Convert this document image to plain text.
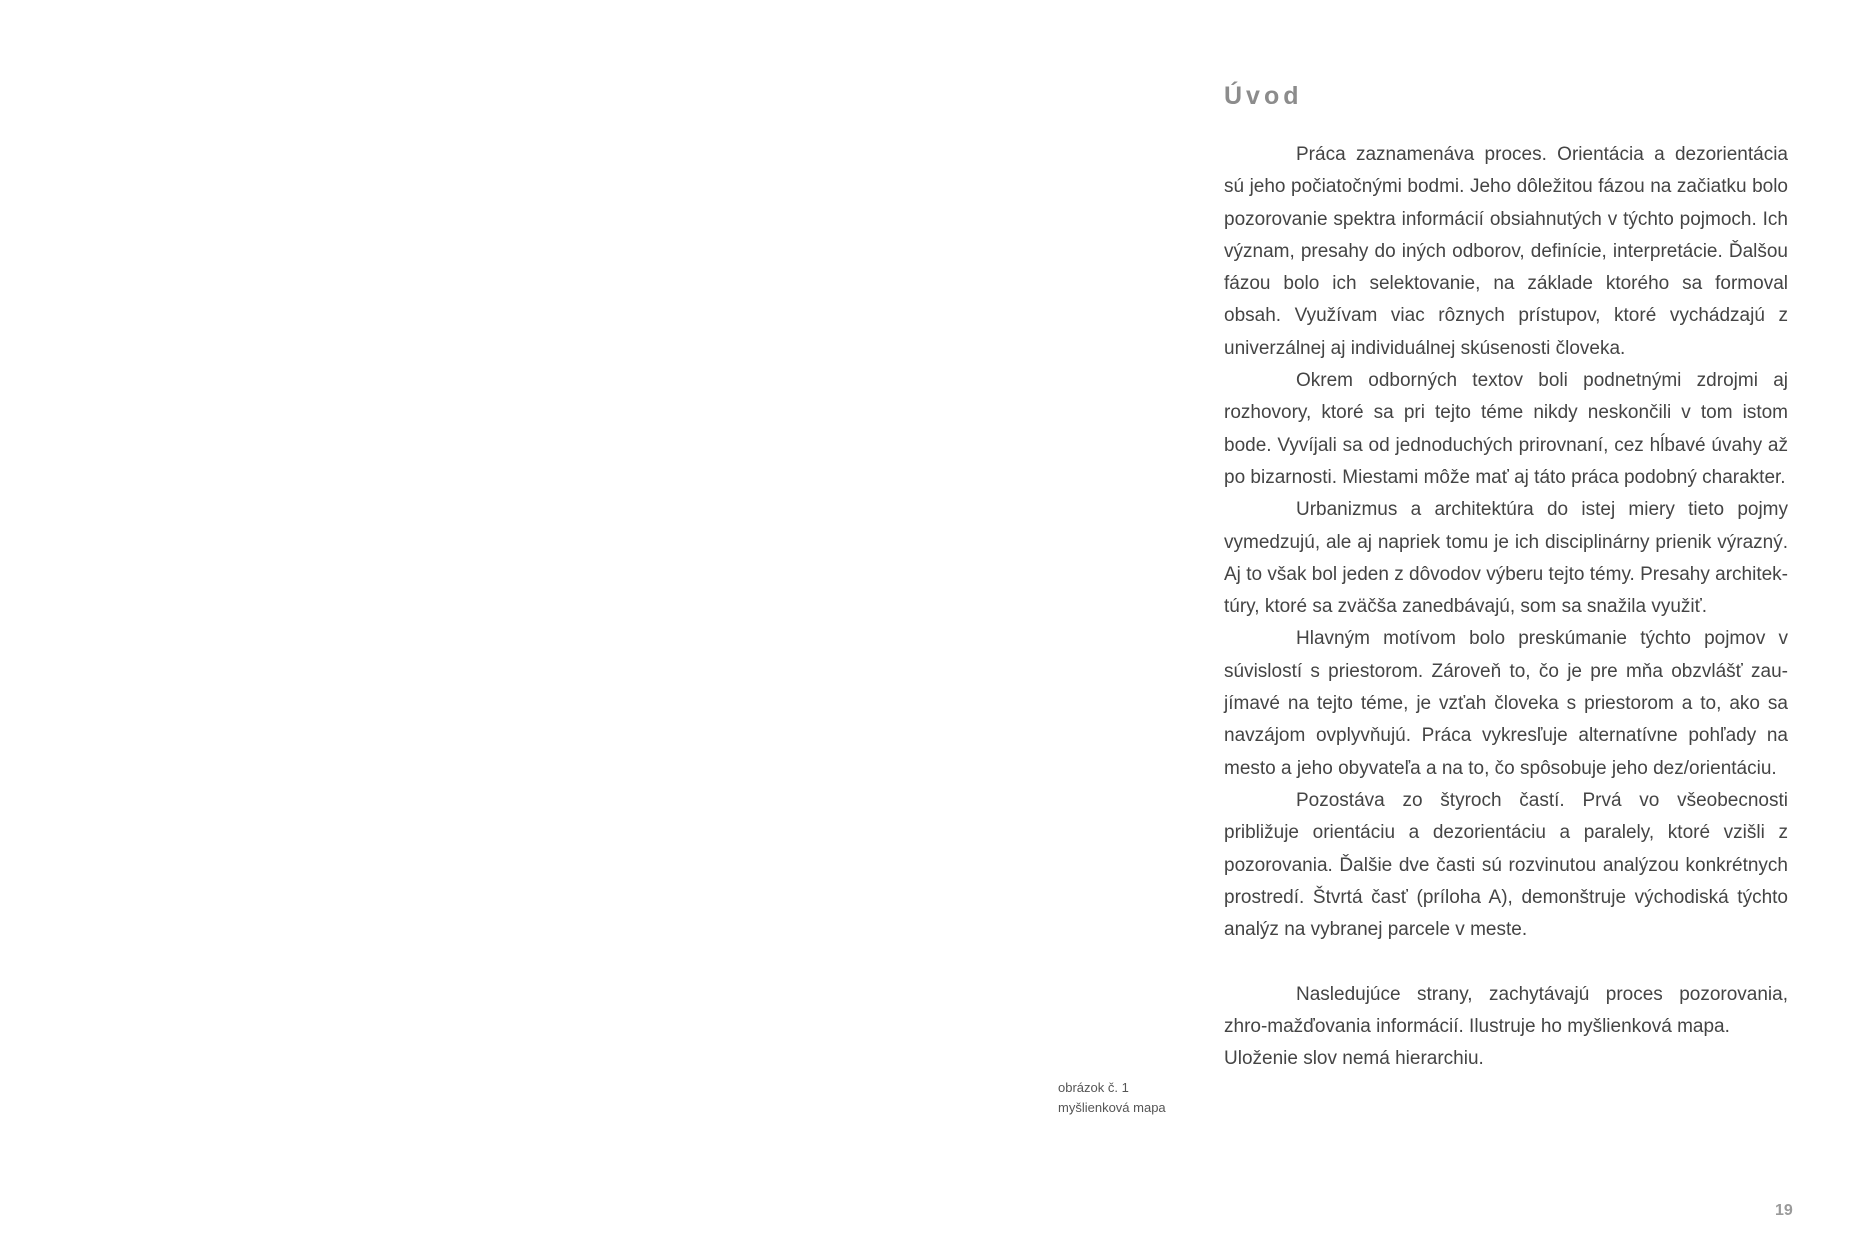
Úvod

Práca zaznamenáva proces. Orientácia a dezorientácia sú jeho počiatočnými bodmi. Jeho dôležitou fázou na začiatku bolo pozorovanie spektra informácií obsiahnutých v týchto pojmoch. Ich význam, presahy do iných odborov, definície, interpretácie. Ďalšou fázou bolo ich selektovanie, na základe ktorého sa formoval obsah. Využívam viac rôznych prístupov, ktoré vychádzajú z univerzálnej aj individuálnej skúsenosti človeka.

Okrem odborných textov boli podnetnými zdrojmi aj rozhovory, ktoré sa pri tejto téme nikdy neskončili v tom istom bode. Vyvíjali sa od jednoduchých prirovnaní, cez hĺbavé úvahy až po bizarnosti. Miestami môže mať aj táto práca podobný charakter.

Urbanizmus a architektúra do istej miery tieto pojmy vymedzujú, ale aj napriek tomu je ich disciplinárny prienik výrazný. Aj to však bol jeden z dôvodov výberu tejto témy. Presahy architek-túry, ktoré sa zväčša zanedbávajú, som sa snažila využiť.

Hlavným motívom bolo preskúmanie týchto pojmov v súvislostí s priestorom. Zároveň to, čo je pre mňa obzvlášť zau-jímavé na tejto téme, je vzťah človeka s priestorom a to, ako sa navzájom ovplyvňujú. Práca vykresľuje alternatívne pohľady na mesto a jeho obyvateľa a na to, čo spôsobuje jeho dez/orientáciu.

Pozostáva zo štyroch častí. Prvá vo všeobecnosti približuje orientáciu a dezorientáciu a paralely, ktoré vzišli z pozorovania. Ďalšie dve časti sú rozvinutou analýzou konkrétnych prostredí. Štvrtá časť (príloha A), demonštruje východiská týchto analýz na vybranej parcele v meste.

Nasledujúce strany, zachytávajú proces pozorovania, zhro-mažďovania informácií. Ilustruje ho myšlienková mapa.

Uloženie slov nemá hierarchiu.

obrázok č. 1
myšlienková mapa
19
